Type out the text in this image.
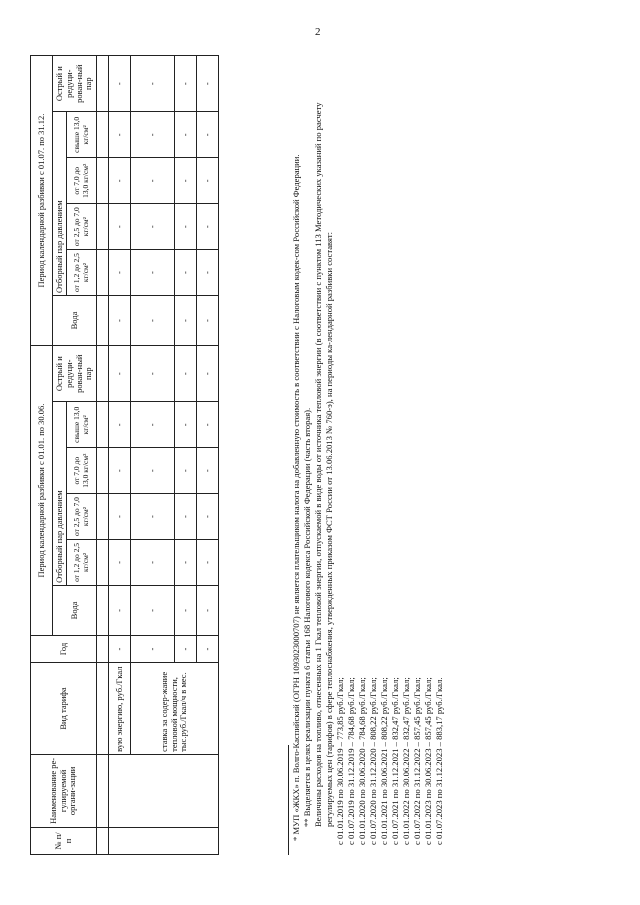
2
№ п/ п	Наименование ре-гулируемой органи-зации	Вид тарифа	Год	Период календарной разбивки с 01.01. по 30.06.						Период календарной разбивки с 01.07. по 31.12.					
				Вода	Отборный пар давлением				Острый и редуци-рован-ный пар	Вода	Отборный пар давлением				Острый и редуци-рован-ный пар
					от 1,2 до 2,5 кг/см²	от 2,5 до 7,0 кг/см²	от 7,0 до 13,0 кг/см²	свыше 13,0 кг/см²			от 1,2 до 2,5 кг/см²	от 2,5 до 7,0 кг/см²	от 7,0 до 13,0 кг/см²	свыше 13,0 кг/см²	

		вую энергию, руб./Гкал	-	-	-	-	-	-	-	-	-	-	-	-	-
		ставка за содер-жание тепловой мощности, тыс.руб./Гкал/ч в мес.	-	-	-	-	-	-	-	-	-	-	-	-	-
			-	-	-	-	-	-	-	-	-	-	-	-	-
			-	-	-	-	-	-	-	-	-	-	-	-	-

* МУП «ЖКХ» п. Волго-Каспийский (ОГРН 1093023000707) не является плательщиком налога на добавленную стоимость в соответствии с Налоговым кодек-сом Российской Федерации. ** Выделяется в целях реализации пункта 6 статьи 168 Налогового кодекса Российской Федерации (часть вторая). Величины расходов на топливо, отнесенных на 1 Гкал тепловой энергии, отпускаемой в виде воды от источника тепловой энергии (в соответствии с пунктом 113 Методических указаний по расчету регулируемых цен (тарифов) в сфере теплоснабжения, утвержденных приказом ФСТ России от 13.06.2013 № 760-э), на периоды ка-лендарной разбивки составят: с 01.01.2019 по 30.06.2019 – 773,85 руб./Гкал; с 01.07.2019 по 31.12.2019 – 784,68 руб./Гкал; с 01.01.2020 по 30.06.2020 – 784,68 руб./Гкал; с 01.07.2020 по 31.12.2020 – 808,22 руб./Гкал; с 01.01.2021 по 30.06.2021 – 808,22 руб./Гкал; с 01.07.2021 по 31.12.2021 – 832,47 руб./Гкал; с 01.01.2022 по 30.06.2022 – 832,47 руб./Гкал; с 01.07.2022 по 31.12.2022 – 857,45 руб./Гкал; с 01.01.2023 по 30.06.2023 – 857,45 руб./Гкал; с 01.07.2023 по 31.12.2023 – 883,17 руб./Гкал.
